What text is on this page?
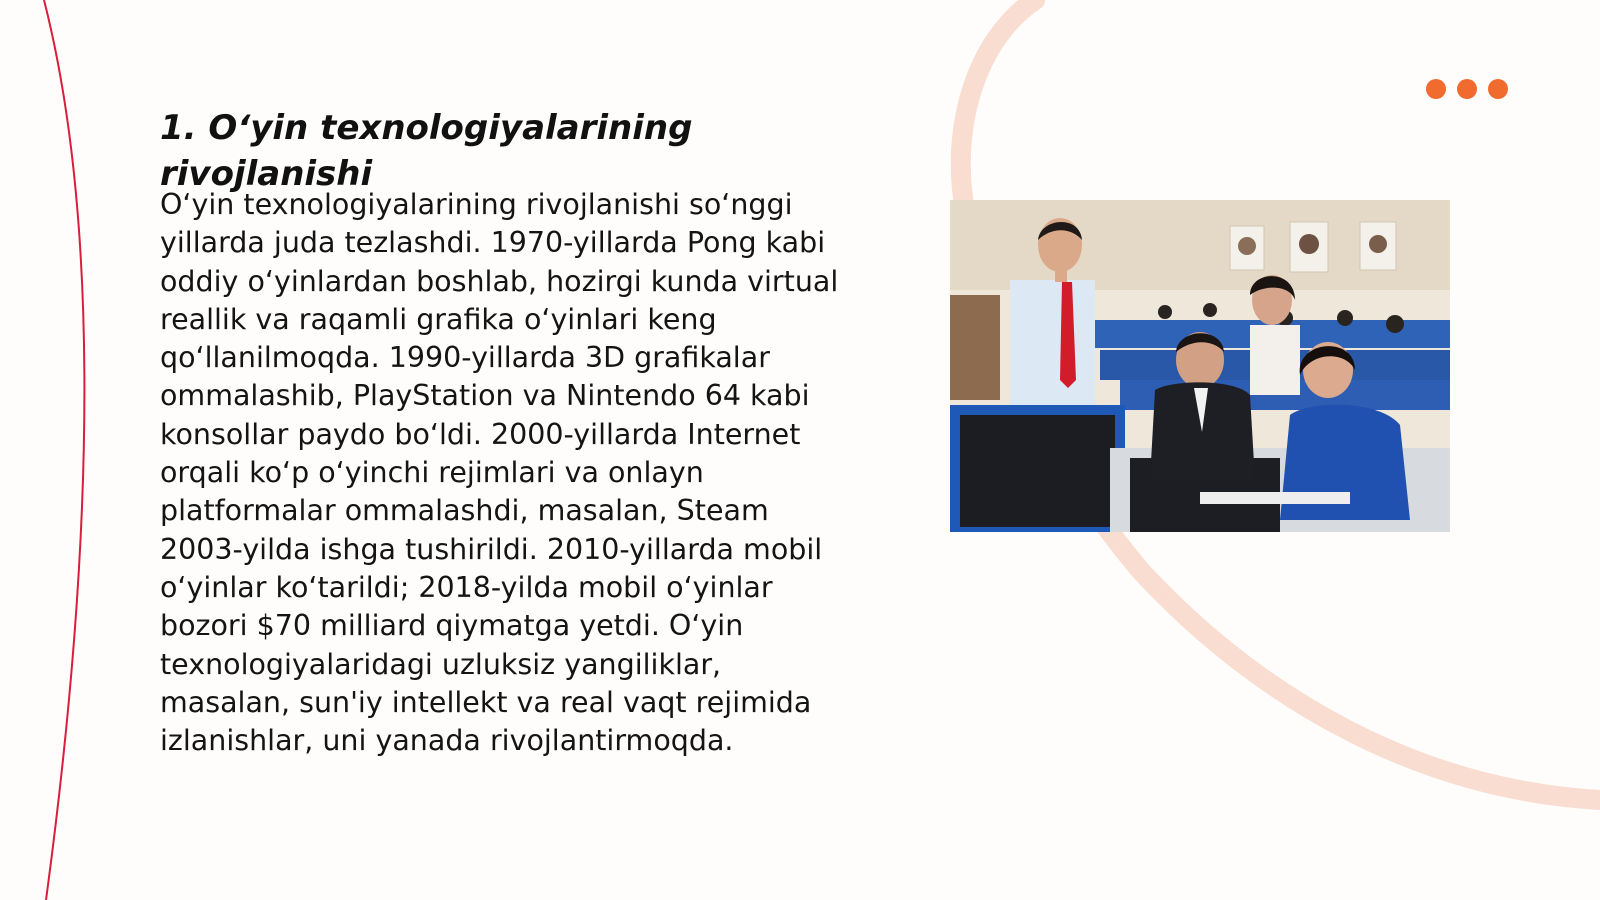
1. O‘yin texnologiyalarining rivojlanishi

O‘yin texnologiyalarining rivojlanishi so‘nggi yillarda juda tezlashdi. 1970-yillarda Pong kabi oddiy o‘yinlardan boshlab, hozirgi kunda virtual reallik va raqamli grafika o‘yinlari keng qo‘llanilmoqda. 1990-yillarda 3D grafikalar ommalashib, PlayStation va Nintendo 64 kabi konsollar paydo bo‘ldi. 2000-yillarda Internet orqali ko‘p o‘yinchi rejimlari va onlayn platformalar ommalashdi, masalan, Steam 2003-yilda ishga tushirildi. 2010-yillarda mobil o‘yinlar ko‘tarildi; 2018-yilda mobil o‘yinlar bozori $70 milliard qiymatga yetdi. O‘yin texnologiyalaridagi uzluksiz yangiliklar, masalan, sun'iy intellekt va real vaqt rejimida izlanishlar, uni yanada rivojlantirmoqda.
